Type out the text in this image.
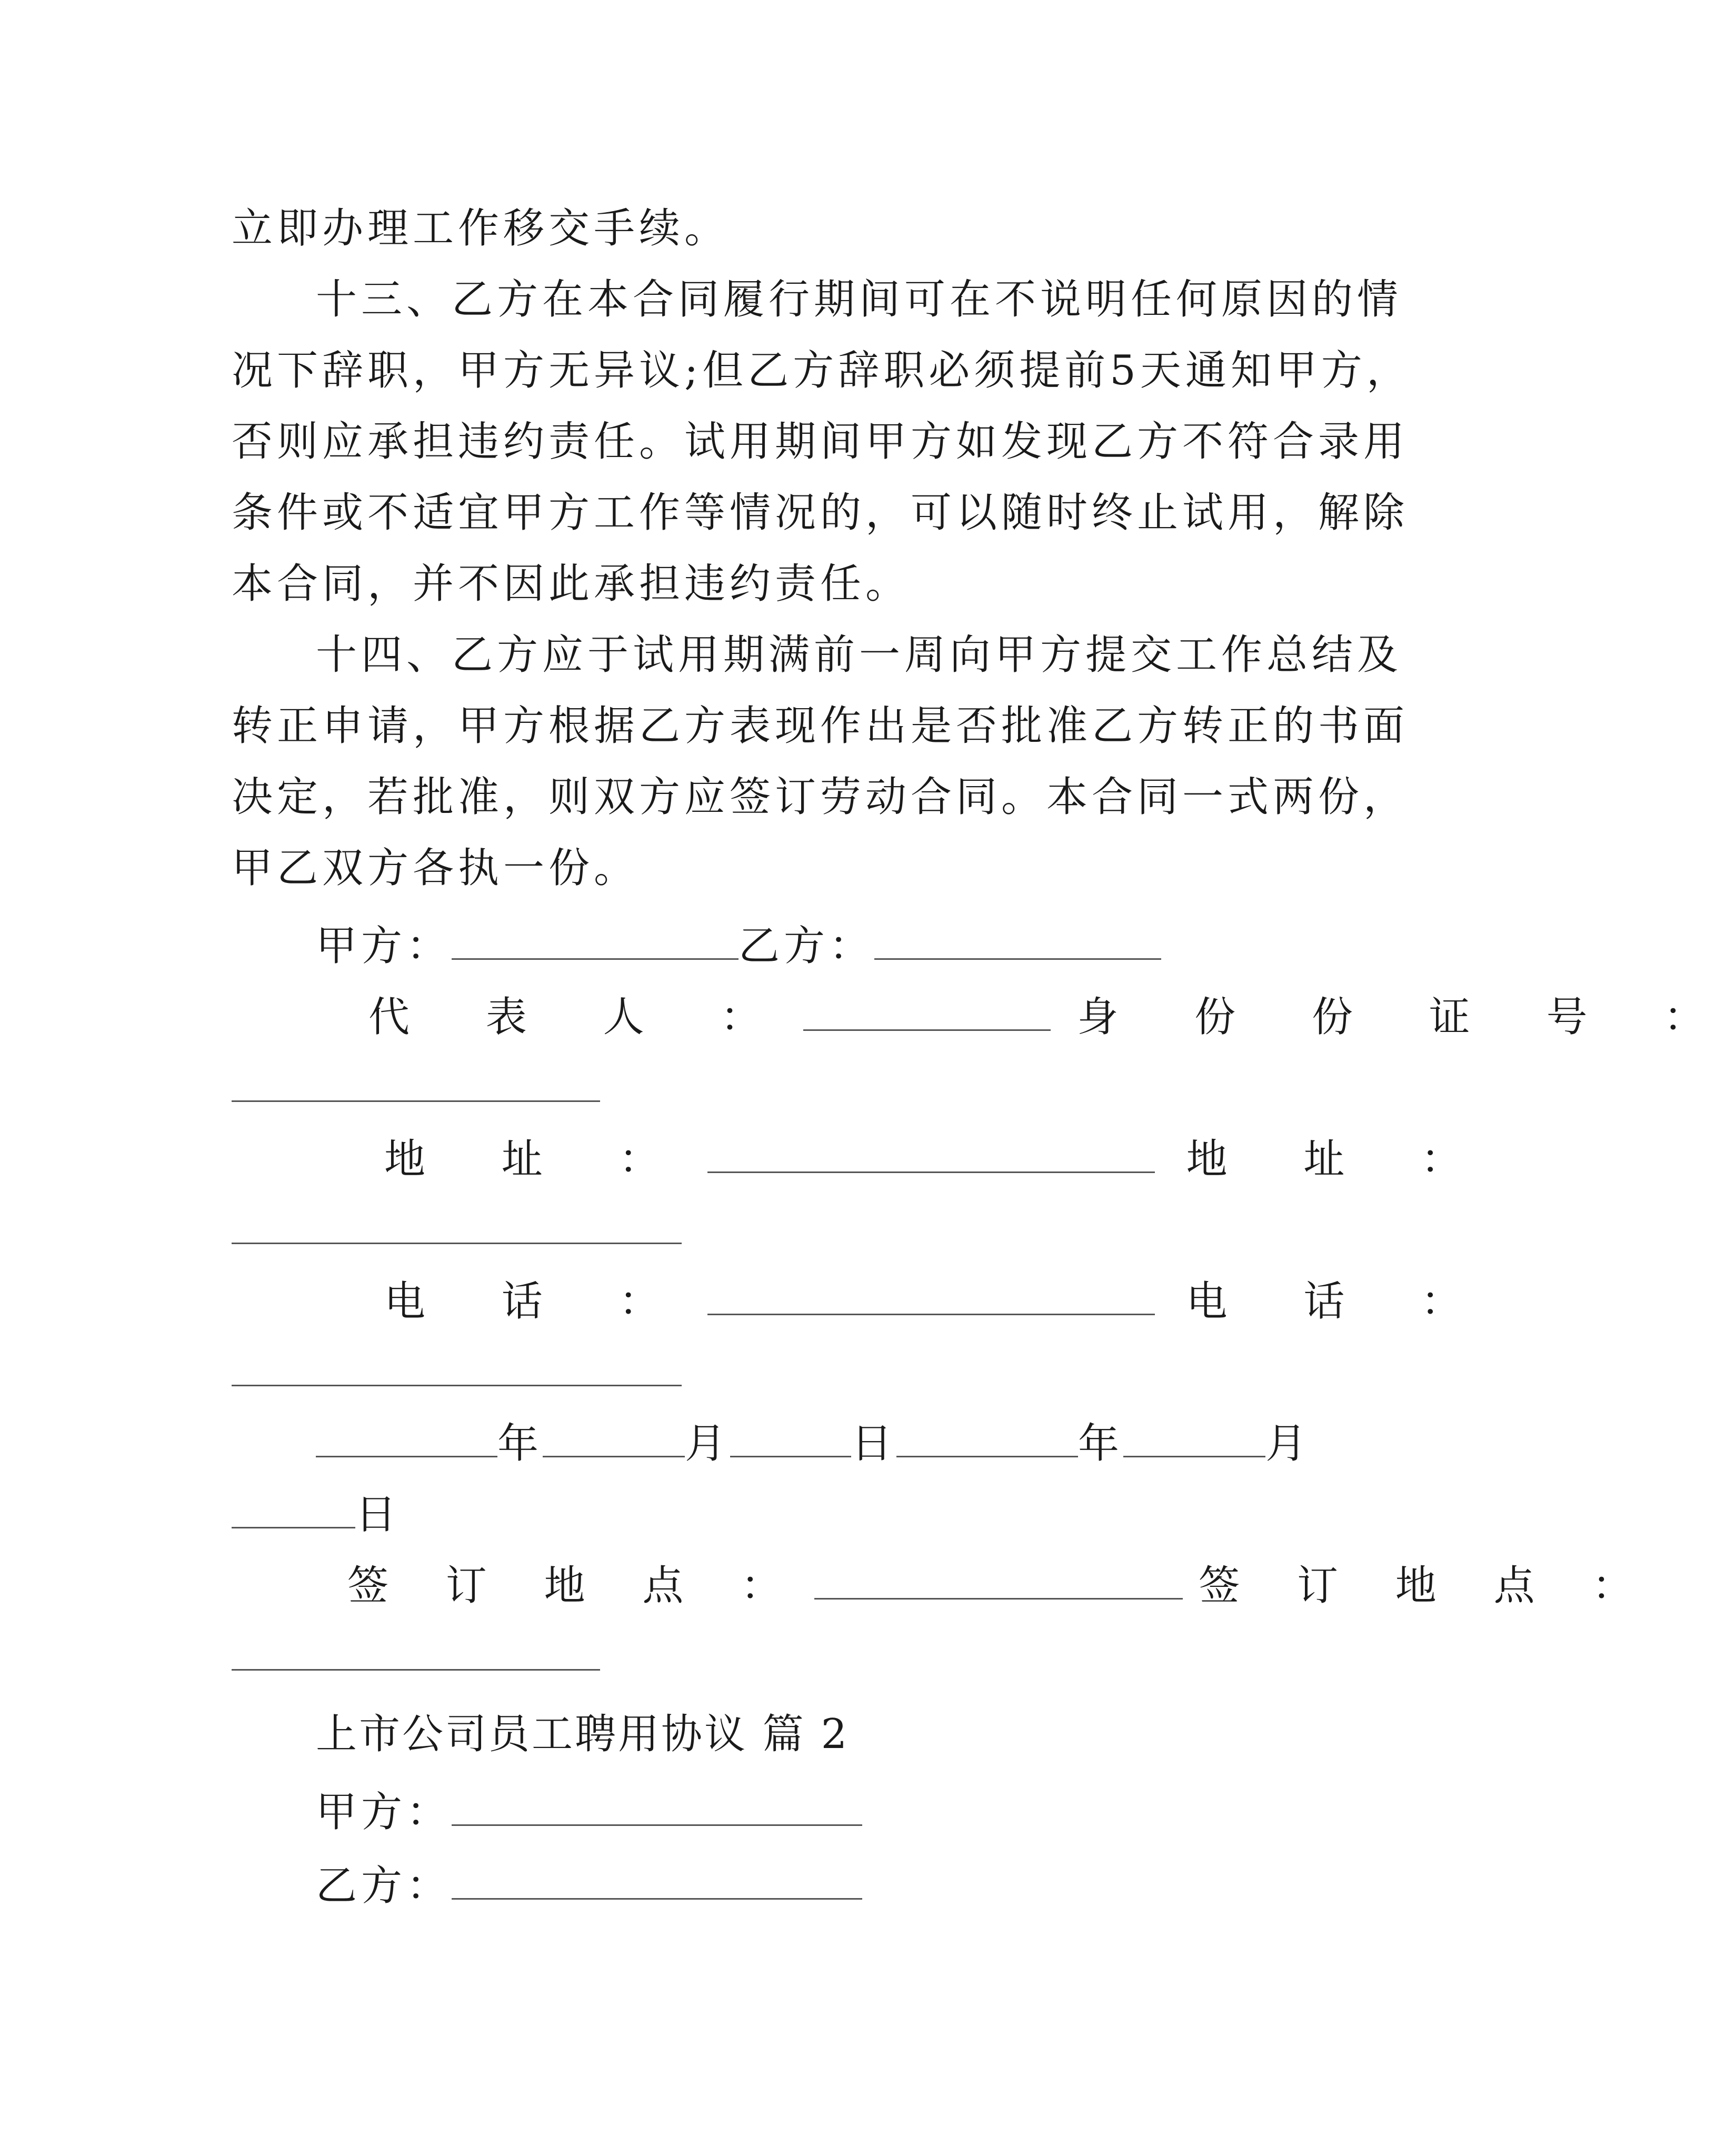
立即办理工作移交手续。
十三、乙方在本合同履行期间可在不说明任何原因的情
况下辞职，甲方无异议;但乙方辞职必须提前5天通知甲方，
否则应承担违约责任。试用期间甲方如发现乙方不符合录用
条件或不适宜甲方工作等情况的，可以随时终止试用，解除
本合同，并不因此承担违约责任。
十四、乙方应于试用期满前一周向甲方提交工作总结及
转正申请，甲方根据乙方表现作出是否批准乙方转正的书面
决定，若批准，则双方应签订劳动合同。本合同一式两份，
甲乙双方各执一份。
甲方：	乙方：
代 表 人 ：	身 份 份 证 号 ：
地 址 ：	地 址 ：
电 话 ：	电 话 ：
年	月	日	年	月
日
签 订 地 点 ：	签 订 地 点 ：
上市公司员工聘用协议 篇 2
甲方：
乙方：
